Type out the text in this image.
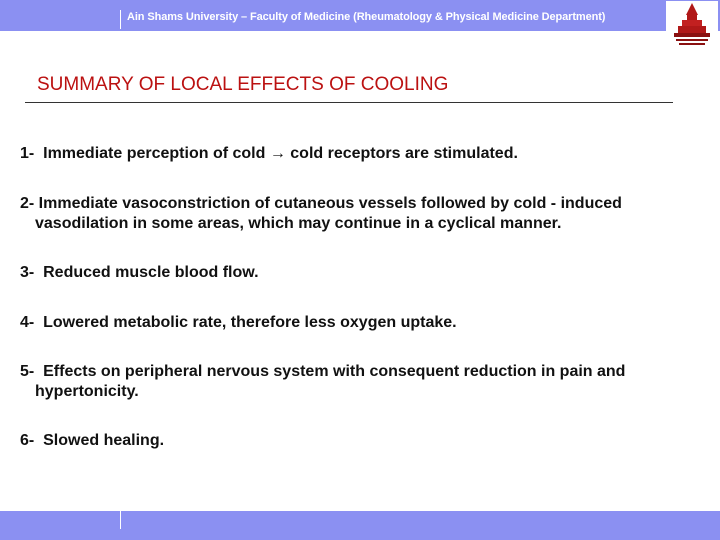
Ain Shams University – Faculty of Medicine (Rheumatology & Physical Medicine Department)
SUMMARY OF LOCAL EFFECTS OF COOLING
1-  Immediate perception of cold → cold receptors are stimulated.
2- Immediate vasoconstriction of cutaneous vessels followed by cold - induced
vasodilation in some areas, which may continue in a cyclical manner.
3-  Reduced muscle blood flow.
4-  Lowered metabolic rate, therefore less oxygen uptake.
5-  Effects on peripheral nervous system with consequent reduction in pain and
hypertonicity.
6-  Slowed healing.
